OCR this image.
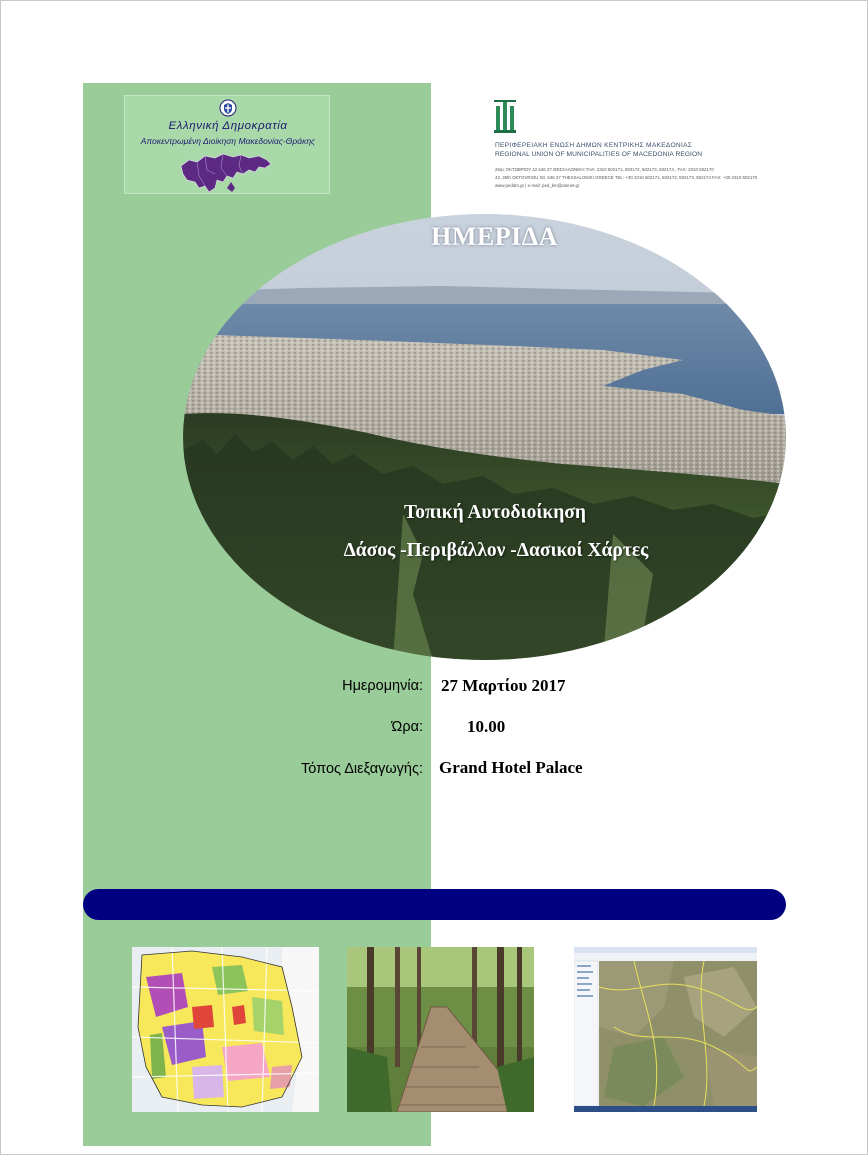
Ελληνική Δημοκρατία
Αποκεντρωμένη Διοίκηση Μακεδονίας-Θράκης	ΠΕΡΙΦΕΡΕΙΑΚΗ ΕΝΩΣΗ ΔΗΜΩΝ ΚΕΝΤΡΙΚΗΣ ΜΑΚΕΔΟΝΙΑΣ
REGIONAL UNION OF MUNICIPALITIES OF MACEDONIA REGION
26ης ΟΚΤΩΒΡΙΟΥ 42 546 27 ΘΕΣΣΑΛΟΝΙΚΗ ΤΗΛ: 2310 502171, 502172, 502173, 502174 , FAX: 2310 502170
42, 26th OKTOVRIOU Str. 546 27 THESSALONIKI GREECE TEL: +30 2310 502171, 502172, 502173, 502174 FAX: +30 2310 502170
www.peddm.gr | e-mail: ped_km@otenet.gr
ΗΜΕΡΙΔΑ
Τοπική Αυτοδιοίκηση
Δάσος -Περιβάλλον -Δασικοί Χάρτες
Ημερομηνία: 27 Μαρτίου 2017
Ώρα:	10.00
Τόπος Διεξαγωγής: Grand Hotel Palace
